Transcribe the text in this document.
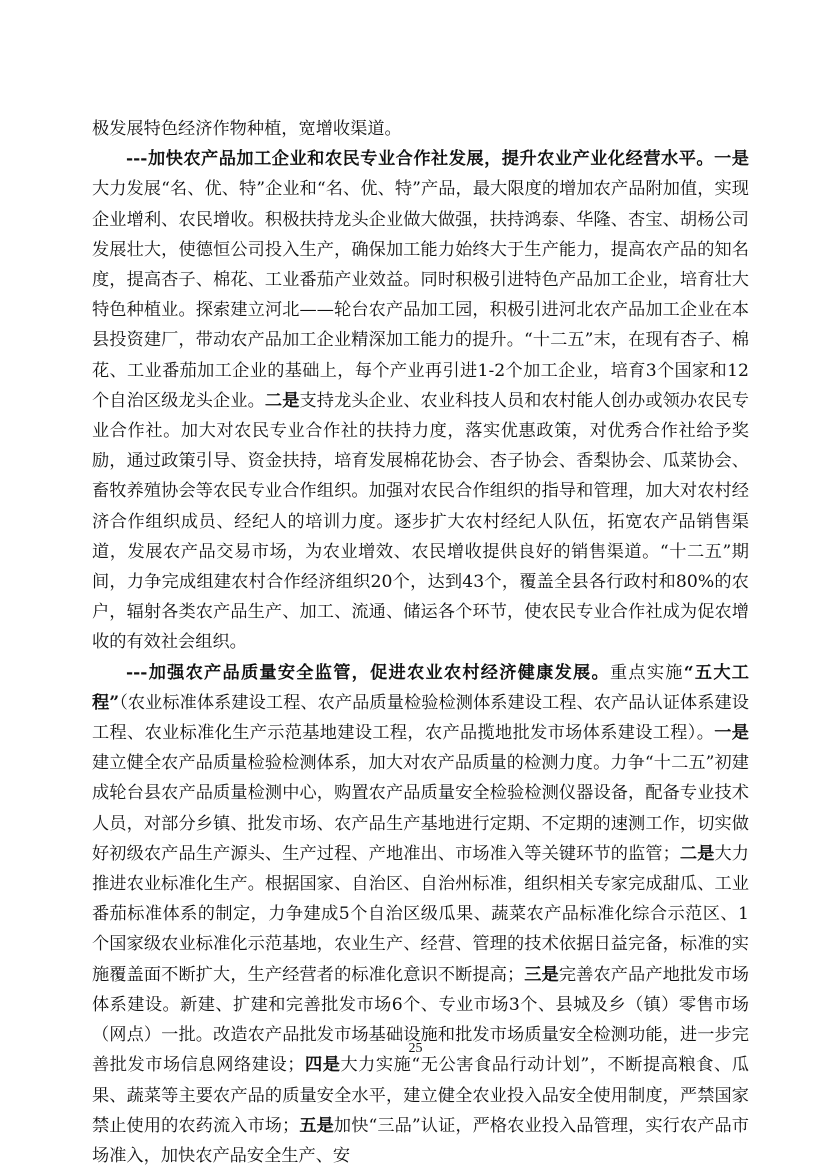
极发展特色经济作物种植，宽增收渠道。

---加快农产品加工企业和农民专业合作社发展，提升农业产业化经营水平。一是大力发展“名、优、特”企业和“名、优、特”产品，最大限度的增加农产品附加值，实现企业增利、农民增收。积极扶持龙头企业做大做强，扶持鸿泰、华隆、杏宝、胡杨公司发展壮大，使德恒公司投入生产，确保加工能力始终大于生产能力，提高农产品的知名度，提高杏子、棉花、工业番茄产业效益。同时积极引进特色产品加工企业，培育壮大特色种植业。探索建立河北——轮台农产品加工园，积极引进河北农产品加工企业在本县投资建厂，带动农产品加工企业精深加工能力的提升。“十二五”末，在现有杏子、棉花、工业番茄加工企业的基础上，每个产业再引进1-2个加工企业，培育3个国家和12个自治区级龙头企业。二是支持龙头企业、农业科技人员和农村能人创办或领办农民专业合作社。加大对农民专业合作社的扶持力度，落实优惠政策，对优秀合作社给予奖励，通过政策引导、资金扶持，培育发展棉花协会、杏子协会、香梨协会、瓜菜协会、畜牧养殖协会等农民专业合作组织。加强对农民合作组织的指导和管理，加大对农村经济合作组织成员、经纪人的培训力度。逐步扩大农村经纪人队伍，拓宽农产品销售渠道，发展农产品交易市场，为农业增效、农民增收提供良好的销售渠道。“十二五”期间，力争完成组建农村合作经济组织20个，达到43个，覆盖全县各行政村和80%的农户，辐射各类农产品生产、加工、流通、储运各个环节，使农民专业合作社成为促农增收的有效社会组织。

---加强农产品质量安全监管，促进农业农村经济健康发展。重点实施“五大工程”（农业标准体系建设工程、农产品质量检验检测体系建设工程、农产品认证体系建设工程、农业标准化生产示范基地建设工程，农产品揽地批发市场体系建设工程）。一是建立健全农产品质量检验检测体系，加大对农产品质量的检测力度。力争“十二五”初建成轮台县农产品质量检测中心，购置农产品质量安全检验检测仪器设备，配备专业技术人员，对部分乡镇、批发市场、农产品生产基地进行定期、不定期的速测工作，切实做好初级农产品生产源头、生产过程、产地准出、市场准入等关键环节的监管；二是大力推进农业标准化生产。根据国家、自治区、自治州标准，组织相关专家完成甜瓜、工业番茄标准体系的制定，力争建成5个自治区级瓜果、蔬菜农产品标准化综合示范区、1个国家级农业标准化示范基地，农业生产、经营、管理的技术依据日益完备，标准的实施覆盖面不断扩大，生产经营者的标准化意识不断提高；三是完善农产品产地批发市场体系建设。新建、扩建和完善批发市场6个、专业市场3个、县城及乡（镇）零售市场（网点）一批。改造农产品批发市场基础设施和批发市场质量安全检测功能，进一步完善批发市场信息网络建设；四是大力实施“无公害食品行动计划”，不断提高粮食、瓜果、蔬菜等主要农产品的质量安全水平，建立健全农业投入品安全使用制度，严禁国家禁止使用的农药流入市场；五是加快“三品”认证，严格农业投入品管理，实行农产品市场准入，加快农产品安全生产、安

25
